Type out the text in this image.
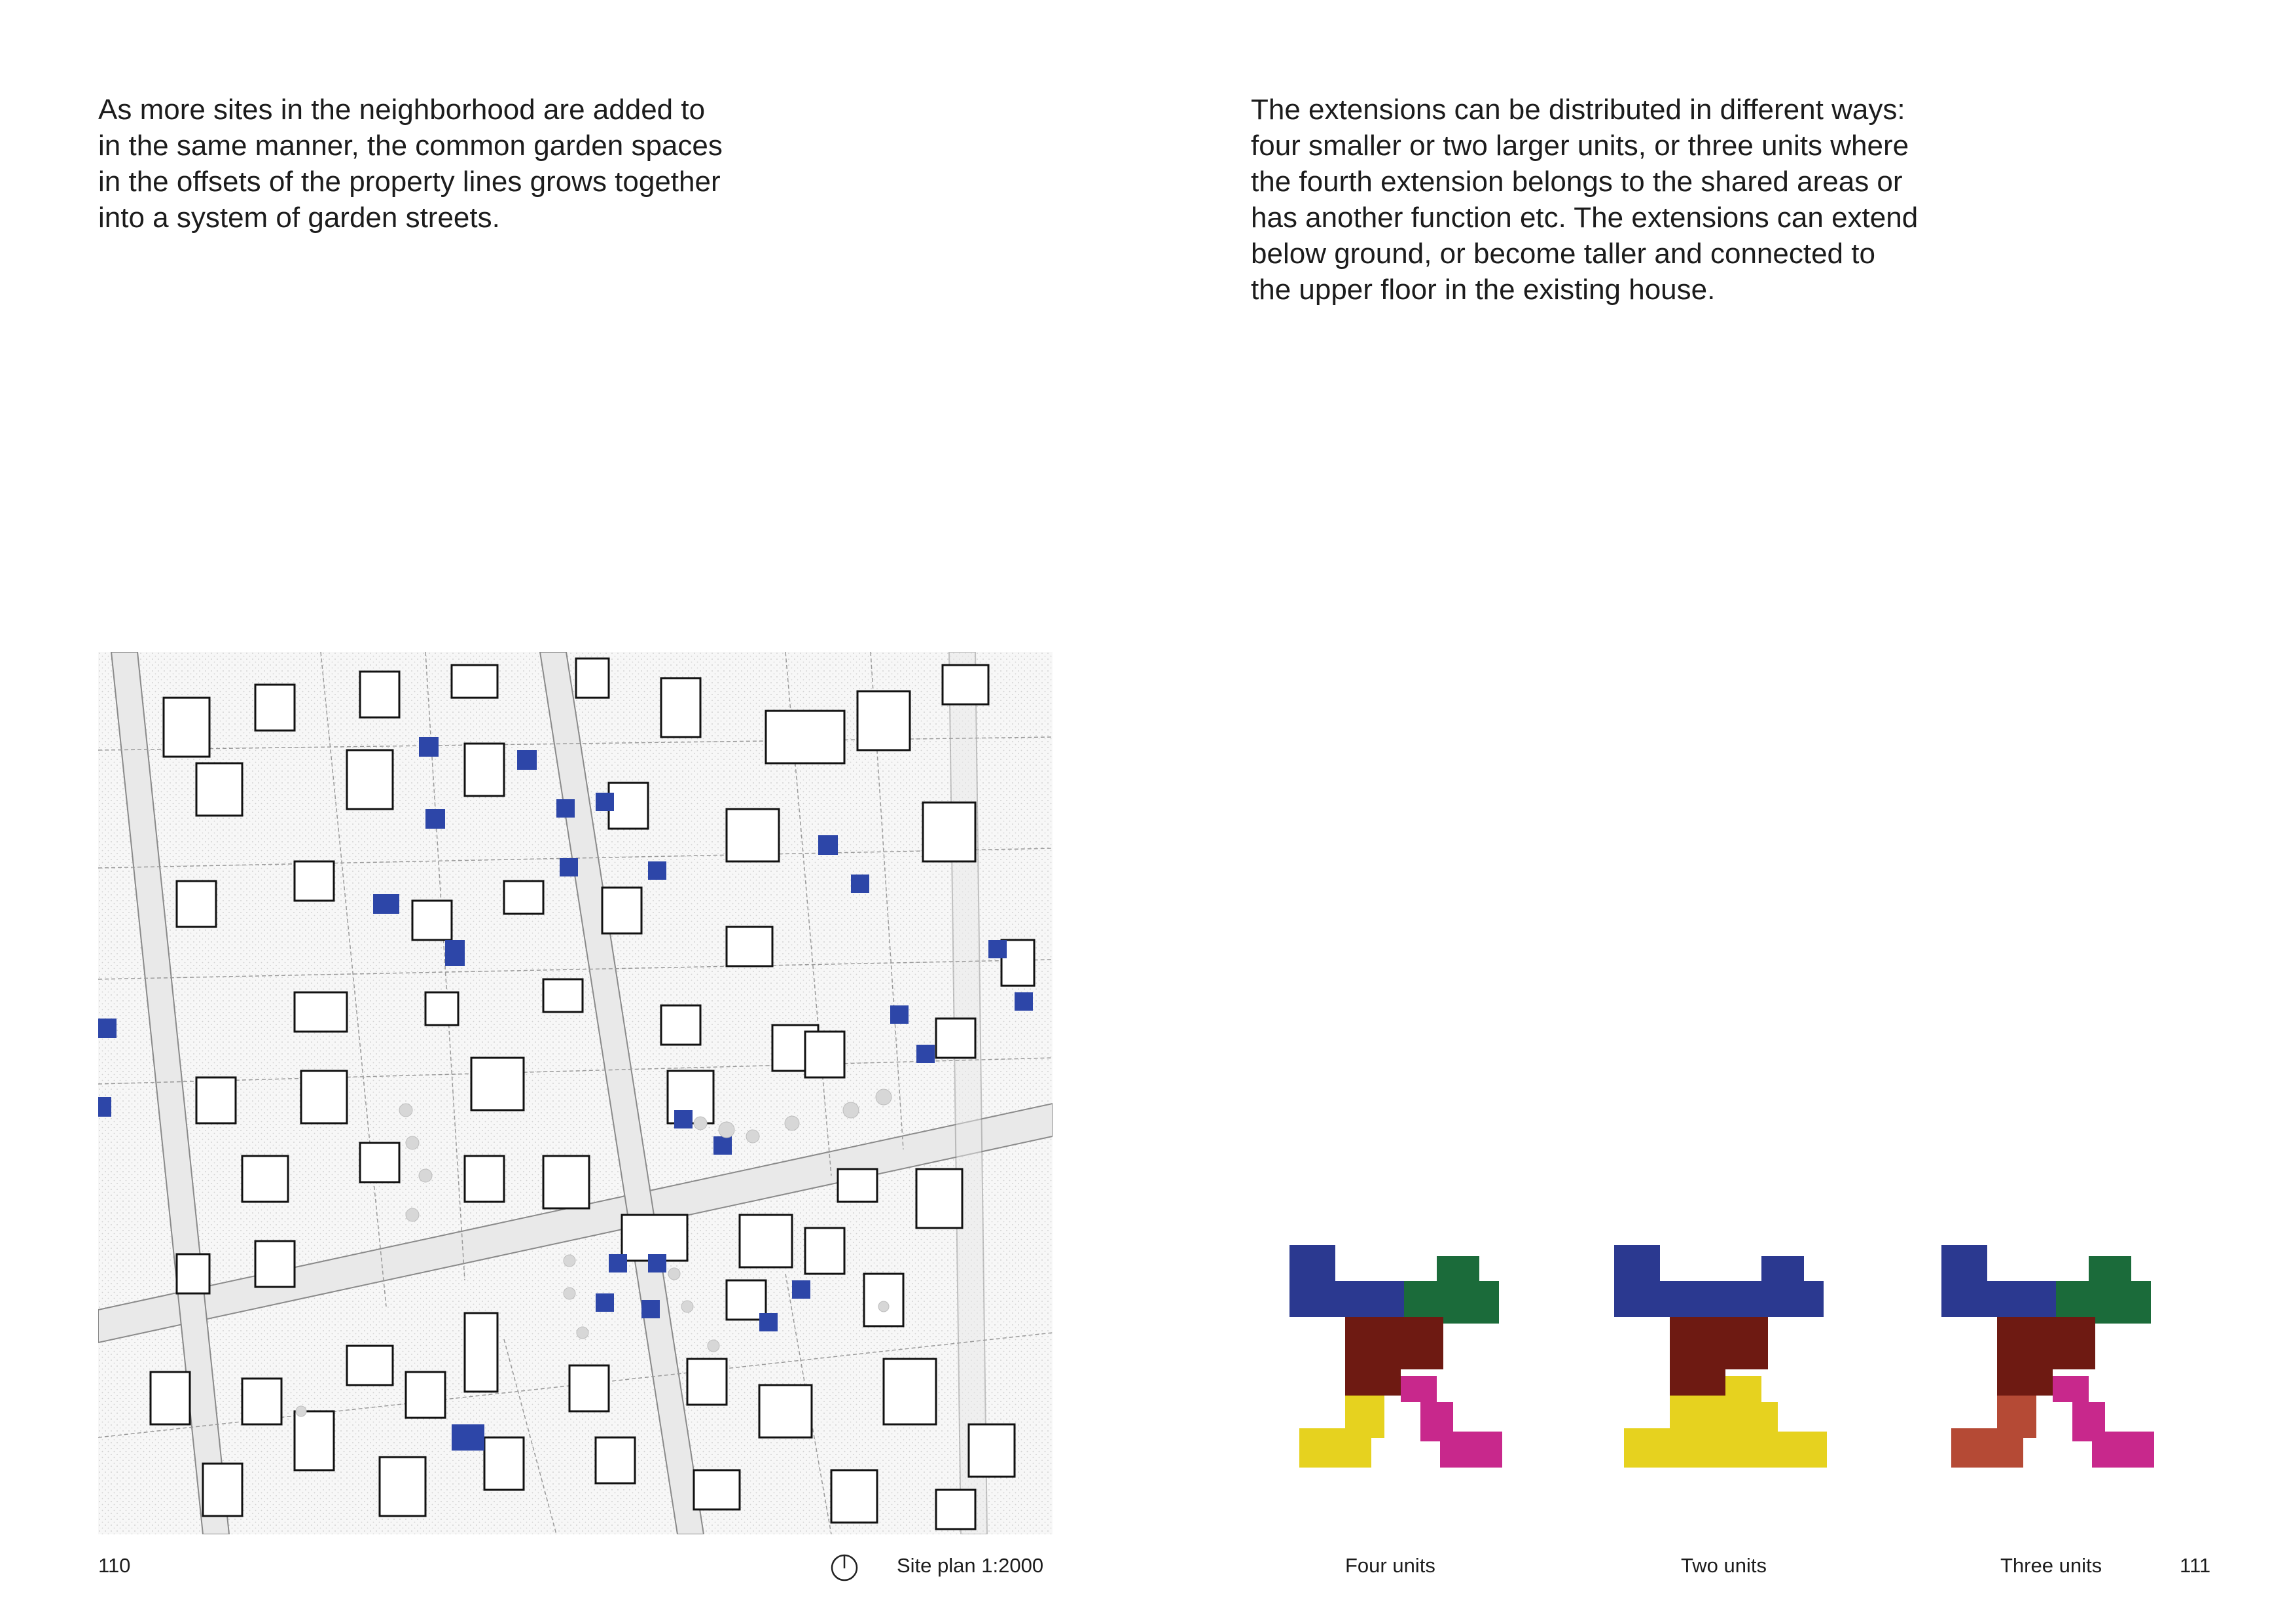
As more sites in the neighborhood are added to
in the same manner, the common garden spaces
in the offsets of the property lines grows together
into a system of garden streets.
The extensions can be distributed in different ways:
four smaller or two larger units, or three units where
the fourth extension belongs to the shared areas or
has another function etc. The extensions can extend
below ground, or become taller and connected to
the upper floor in the existing house.
110	Site plan 1:2000	Four units	Two units	Three units	111
